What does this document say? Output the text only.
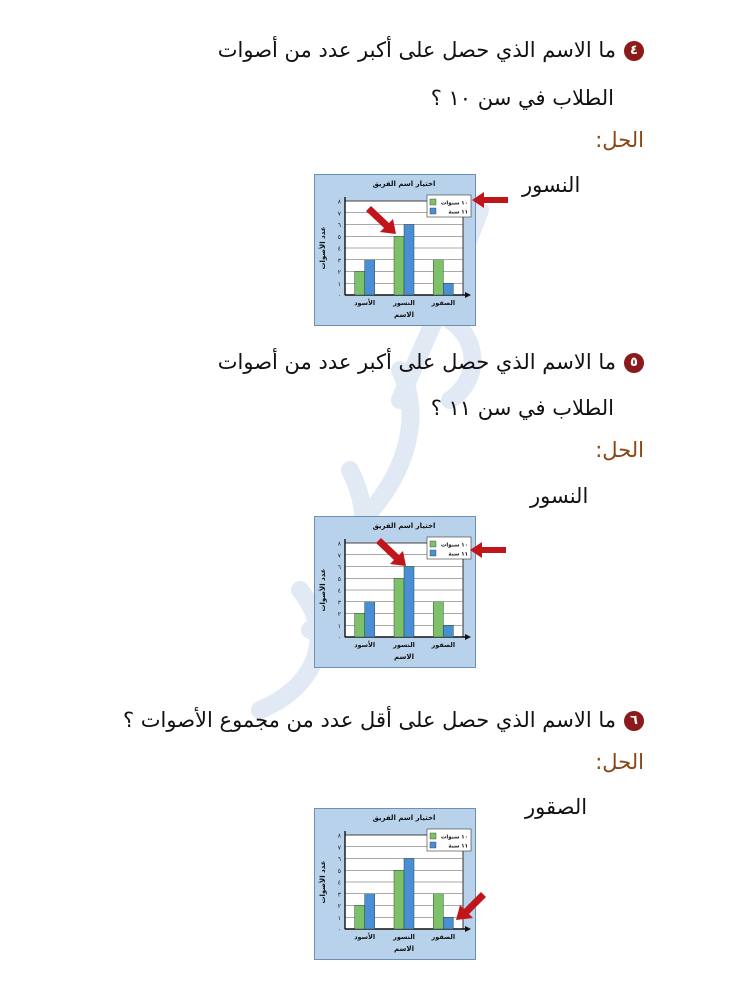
٤ما الاسم الذي حصل على أكبر عدد من أصوات
الطلاب في سن ١٠ ؟
الحل:
النسور
٠
١
٢
٣
٤
٥
٦
٧
٨
الأسود	النسور	الصقور
اختيار اسم الفريق
الاسم
عدد الأصوات
١٠ سنوات
١١ سنة
٥ما الاسم الذي حصل على أكبر عدد من أصوات
الطلاب في سن ١١ ؟
الحل:
النسور
٠
١
٢
٣
٤
٥
٦
٧
٨
الأسود	النسور	الصقور
اختيار اسم الفريق
الاسم
عدد الأصوات
١٠ سنوات
١١ سنة
٦ما الاسم الذي حصل على أقل عدد من مجموع الأصوات ؟
الحل:
الصقور
٠
١
٢
٣
٤
٥
٦
٧
٨
الأسود	النسور	الصقور
اختيار اسم الفريق
الاسم
عدد الأصوات
١٠ سنوات
١١ سنة
